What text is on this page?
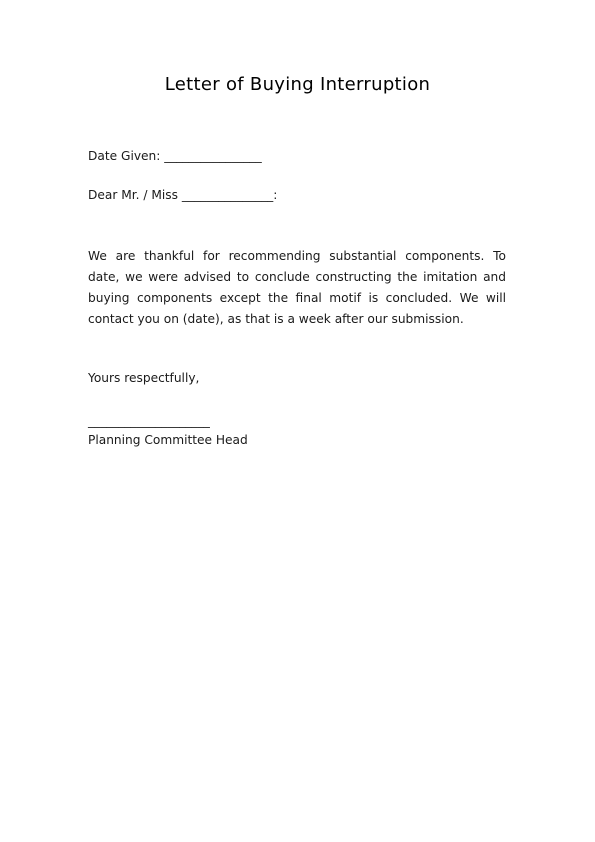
Letter of Buying Interruption
Date Given: ________________
Dear Mr. / Miss _______________:
We are thankful for recommending substantial components. To date, we were advised to conclude constructing the imitation and buying components except the final motif is concluded. We will contact you on (date), as that is a week after our submission.
Yours respectfully,
____________________
Planning Committee Head
